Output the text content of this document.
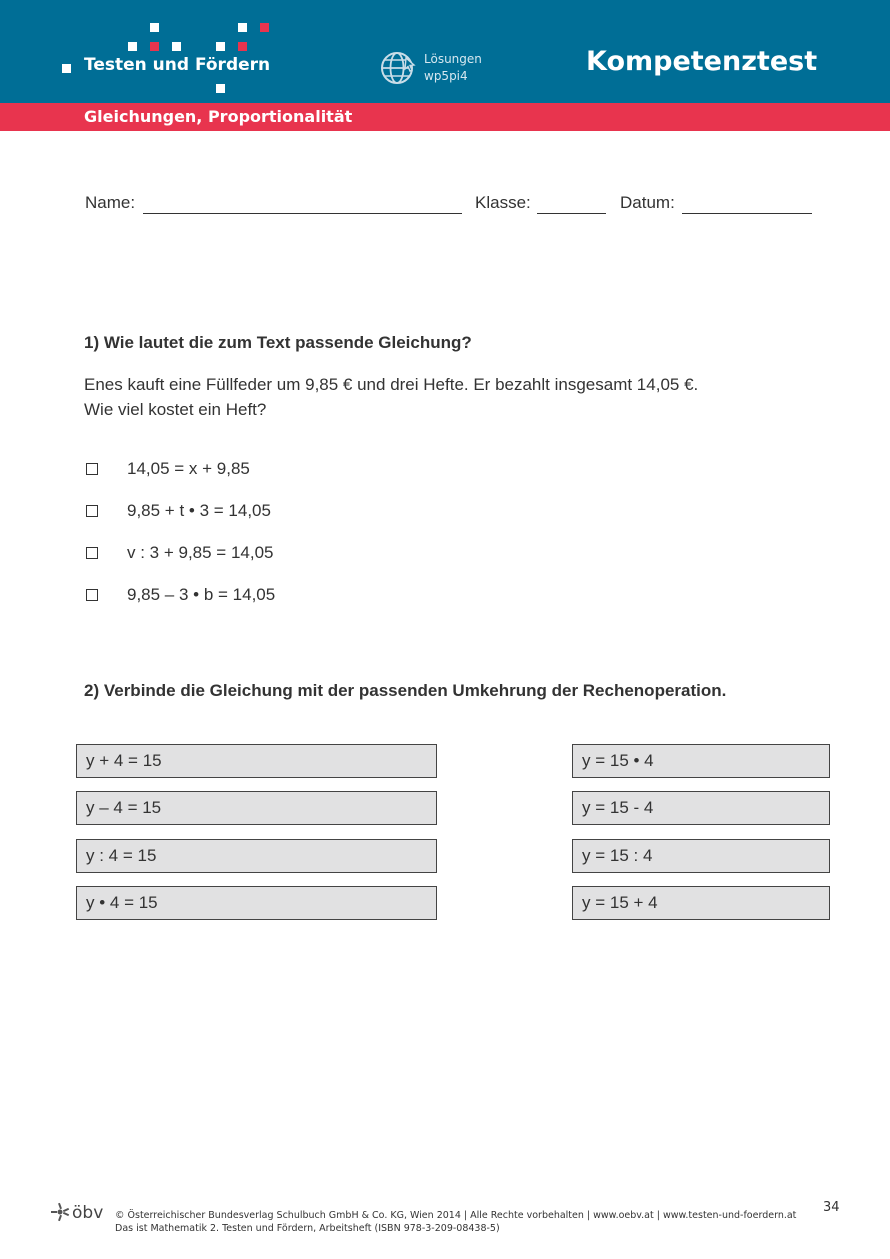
Testen und Fördern	Lösungen
wp5pi4	Kompetenztest
Gleichungen, Proportionalität
Name:	Klasse:	Datum:
1) Wie lautet die zum Text passende Gleichung?
Enes kauft eine Füllfeder um 9,85 € und drei Hefte. Er bezahlt insgesamt 14,05 €.
Wie viel kostet ein Heft?
14,05 = x + 9,85
9,85 + t • 3 = 14,05
v : 3 + 9,85 = 14,05
9,85 – 3 • b = 14,05
2) Verbinde die Gleichung mit der passenden Umkehrung der Rechenoperation.
y + 4 = 15
y – 4 = 15
y : 4 = 15
y • 4 = 15
y = 15 • 4
y = 15 - 4
y = 15 : 4
y = 15 + 4
öbv © Österreichischer Bundesverlag Schulbuch GmbH & Co. KG, Wien 2014 | Alle Rechte vorbehalten | www.oebv.at | www.testen-und-foerdern.at
Das ist Mathematik 2. Testen und Fördern, Arbeitsheft (ISBN 978-3-209-08438-5)
34
